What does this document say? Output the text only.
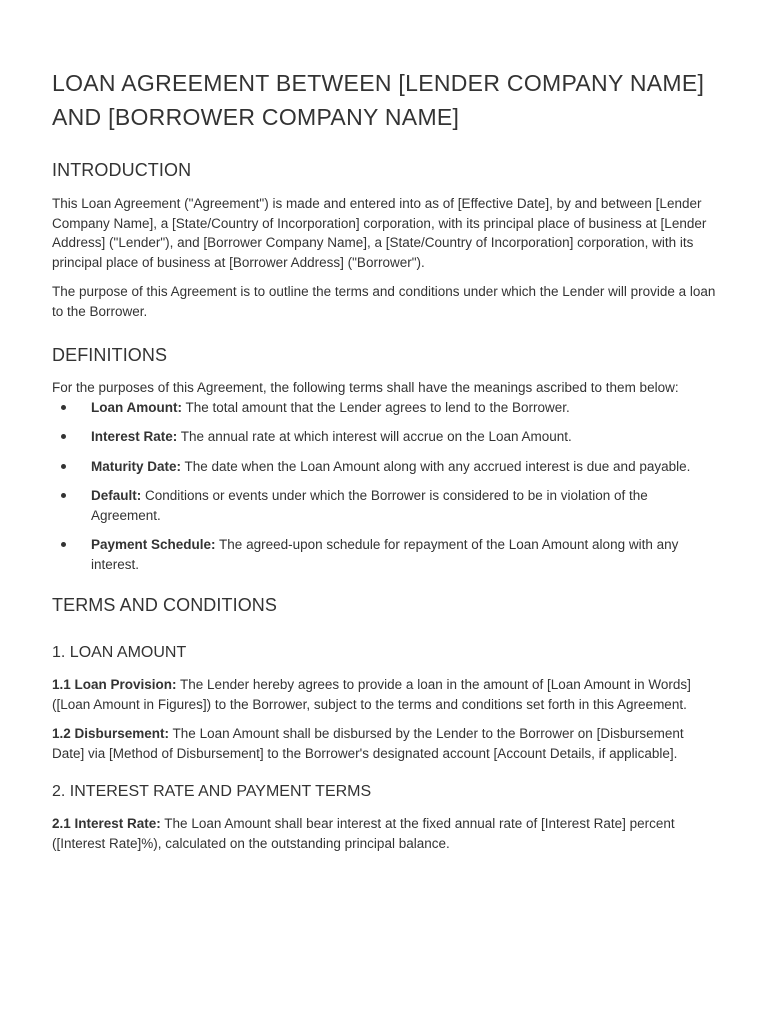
LOAN AGREEMENT BETWEEN [LENDER COMPANY NAME] AND [BORROWER COMPANY NAME]
INTRODUCTION

This Loan Agreement ("Agreement") is made and entered into as of [Effective Date], by and between [Lender Company Name], a [State/Country of Incorporation] corporation, with its principal place of business at [Lender Address] ("Lender"), and [Borrower Company Name], a [State/Country of Incorporation] corporation, with its principal place of business at [Borrower Address] ("Borrower").

The purpose of this Agreement is to outline the terms and conditions under which the Lender will provide a loan to the Borrower.

DEFINITIONS

For the purposes of this Agreement, the following terms shall have the meanings ascribed to them below:

Loan Amount: The total amount that the Lender agrees to lend to the Borrower.
Interest Rate: The annual rate at which interest will accrue on the Loan Amount.
Maturity Date: The date when the Loan Amount along with any accrued interest is due and payable.
Default: Conditions or events under which the Borrower is considered to be in violation of the Agreement.
Payment Schedule: The agreed-upon schedule for repayment of the Loan Amount along with any interest.
TERMS AND CONDITIONS
1. LOAN AMOUNT

1.1 Loan Provision: The Lender hereby agrees to provide a loan in the amount of [Loan Amount in Words] ([Loan Amount in Figures]) to the Borrower, subject to the terms and conditions set forth in this Agreement.

1.2 Disbursement: The Loan Amount shall be disbursed by the Lender to the Borrower on [Disbursement Date] via [Method of Disbursement] to the Borrower's designated account [Account Details, if applicable].

2. INTEREST RATE AND PAYMENT TERMS

2.1 Interest Rate: The Loan Amount shall bear interest at the fixed annual rate of [Interest Rate] percent ([Interest Rate]%), calculated on the outstanding principal balance.
